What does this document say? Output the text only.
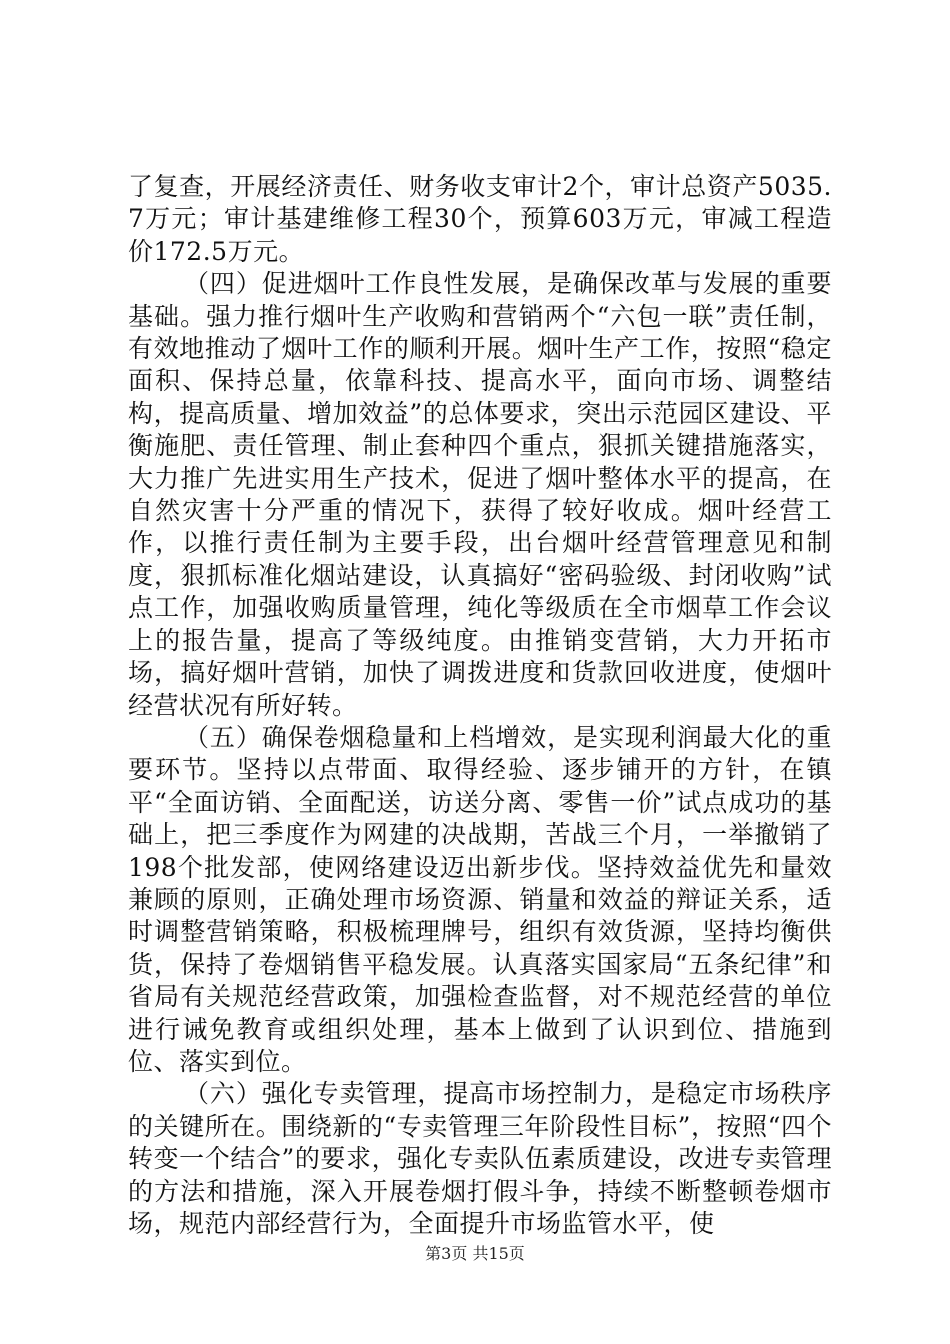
了复查，开展经济责任、财务收支审计2个，审计总资产5035.7万元；审计基建维修工程30个，预算603万元，审减工程造价172.5万元。

（四）促进烟叶工作良性发展，是确保改革与发展的重要基础。强力推行烟叶生产收购和营销两个“六包一联”责任制，有效地推动了烟叶工作的顺利开展。烟叶生产工作，按照“稳定面积、保持总量，依靠科技、提高水平，面向市场、调整结构，提高质量、增加效益”的总体要求，突出示范园区建设、平衡施肥、责任管理、制止套种四个重点，狠抓关键措施落实，大力推广先进实用生产技术，促进了烟叶整体水平的提高，在自然灾害十分严重的情况下，获得了较好收成。烟叶经营工作，以推行责任制为主要手段，出台烟叶经营管理意见和制度，狠抓标准化烟站建设，认真搞好“密码验级、封闭收购”试点工作，加强收购质量管理，纯化等级质在全市烟草工作会议上的报告量，提高了等级纯度。由推销变营销，大力开拓市场，搞好烟叶营销，加快了调拨进度和货款回收进度，使烟叶经营状况有所好转。

（五）确保卷烟稳量和上档增效，是实现利润最大化的重要环节。坚持以点带面、取得经验、逐步铺开的方针，在镇平“全面访销、全面配送，访送分离、零售一价”试点成功的基础上，把三季度作为网建的决战期，苦战三个月，一举撤销了198个批发部，使网络建设迈出新步伐。坚持效益优先和量效兼顾的原则，正确处理市场资源、销量和效益的辩证关系，适时调整营销策略，积极梳理牌号，组织有效货源，坚持均衡供货，保持了卷烟销售平稳发展。认真落实国家局“五条纪律”和省局有关规范经营政策，加强检查监督，对不规范经营的单位进行诫免教育或组织处理，基本上做到了认识到位、措施到位、落实到位。

（六）强化专卖管理，提高市场控制力，是稳定市场秩序的关键所在。围绕新的“专卖管理三年阶段性目标”，按照“四个转变一个结合”的要求，强化专卖队伍素质建设，改进专卖管理的方法和措施，深入开展卷烟打假斗争，持续不断整顿卷烟市场，规范内部经营行为，全面提升市场监管水平，使

第3页 共15页
